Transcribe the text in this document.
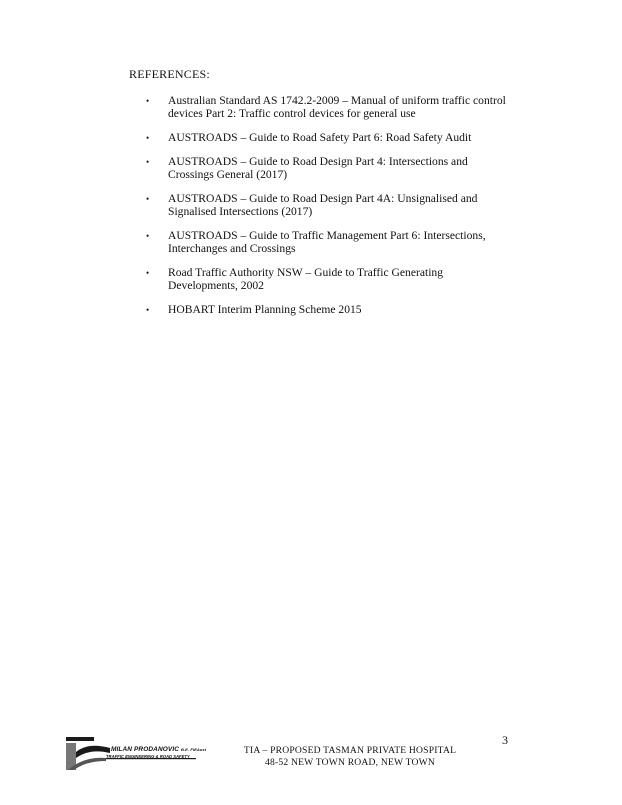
REFERENCES:
• Australian Standard AS 1742.2-2009 – Manual of uniform traffic control
devices Part 2: Traffic control devices for general use
• AUSTROADS – Guide to Road Safety Part 6: Road Safety Audit
• AUSTROADS – Guide to Road Design Part 4: Intersections and
Crossings General (2017)
• AUSTROADS – Guide to Road Design Part 4A: Unsignalised and
Signalised Intersections (2017)
• AUSTROADS – Guide to Traffic Management Part 6: Intersections,
Interchanges and Crossings
• Road Traffic Authority NSW – Guide to Traffic Generating
Developments, 2002
• HOBART Interim Planning Scheme 2015
3
MILAN PRODANOVIC B.E. FIEAust
TRAFFIC ENGINEERING & ROAD SAFETY
TIA – PROPOSED TASMAN PRIVATE HOSPITAL
48-52 NEW TOWN ROAD, NEW TOWN
